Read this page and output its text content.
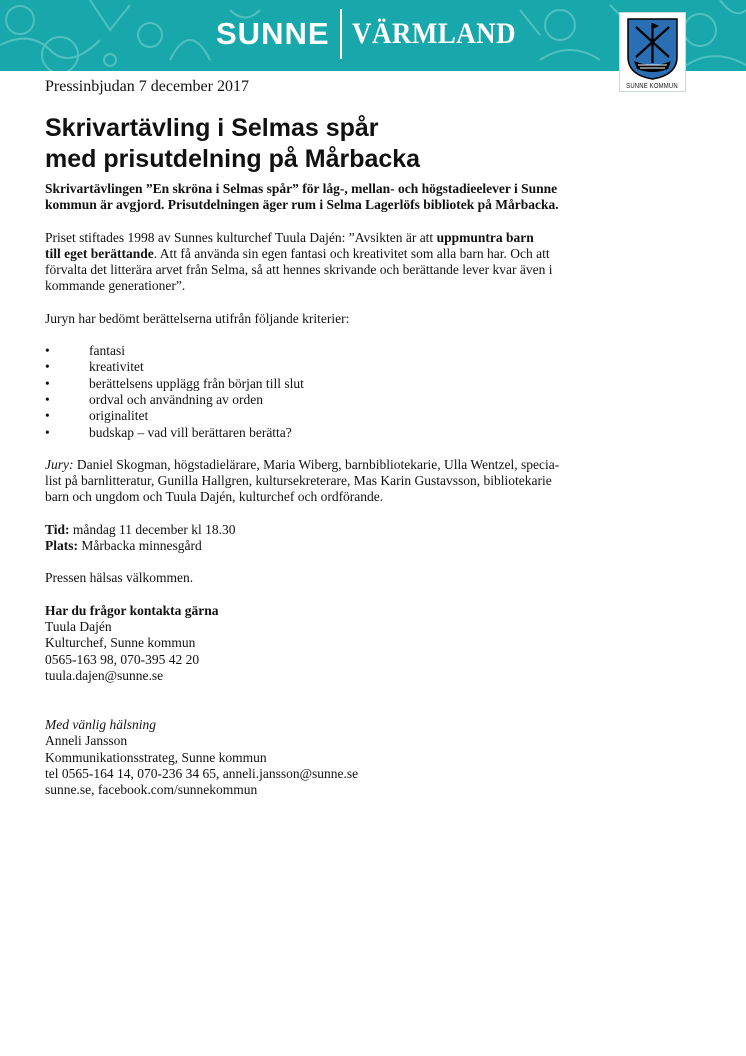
SUNNE VÄRMLAND
SUNNE KOMMUN
Pressinbjudan 7 december 2017
Skrivartävling i Selmas spår
med prisutdelning på Mårbacka

Skrivartävlingen ”En skröna i Selmas spår” för låg-, mellan- och högstadieelever i Sunne
kommun är avgjord. Prisutdelningen äger rum i Selma Lagerlöfs bibliotek på Mårbacka.

Priset stiftades 1998 av Sunnes kulturchef Tuula Dajén: ”Avsikten är att uppmuntra barn
till eget berättande. Att få använda sin egen fantasi och kreativitet som alla barn har. Och att
förvalta det litterära arvet från Selma, så att hennes skrivande och berättande lever kvar även i
kommande generationer”.

Juryn har bedömt berättelserna utifrån följande kriterier:

•	fantasi
•	kreativitet
•	berättelsens upplägg från början till slut
•	ordval och användning av orden
•	originalitet
•	budskap – vad vill berättaren berätta?

Jury: Daniel Skogman, högstadielärare, Maria Wiberg, barnbibliotekarie, Ulla Wentzel, specia-
list på barnlitteratur, Gunilla Hallgren, kultursekreterare, Mas Karin Gustavsson, bibliotekarie
barn och ungdom och Tuula Dajén, kulturchef och ordförande.

Tid: måndag 11 december kl 18.30
Plats: Mårbacka minnesgård

Pressen hälsas välkommen.

Har du frågor kontakta gärna
Tuula Dajén
Kulturchef, Sunne kommun
0565-163 98, 070-395 42 20
tuula.dajen@sunne.se

Med vänlig hälsning
Anneli Jansson
Kommunikationsstrateg, Sunne kommun
tel 0565-164 14, 070-236 34 65, anneli.jansson@sunne.se
sunne.se, facebook.com/sunnekommun
